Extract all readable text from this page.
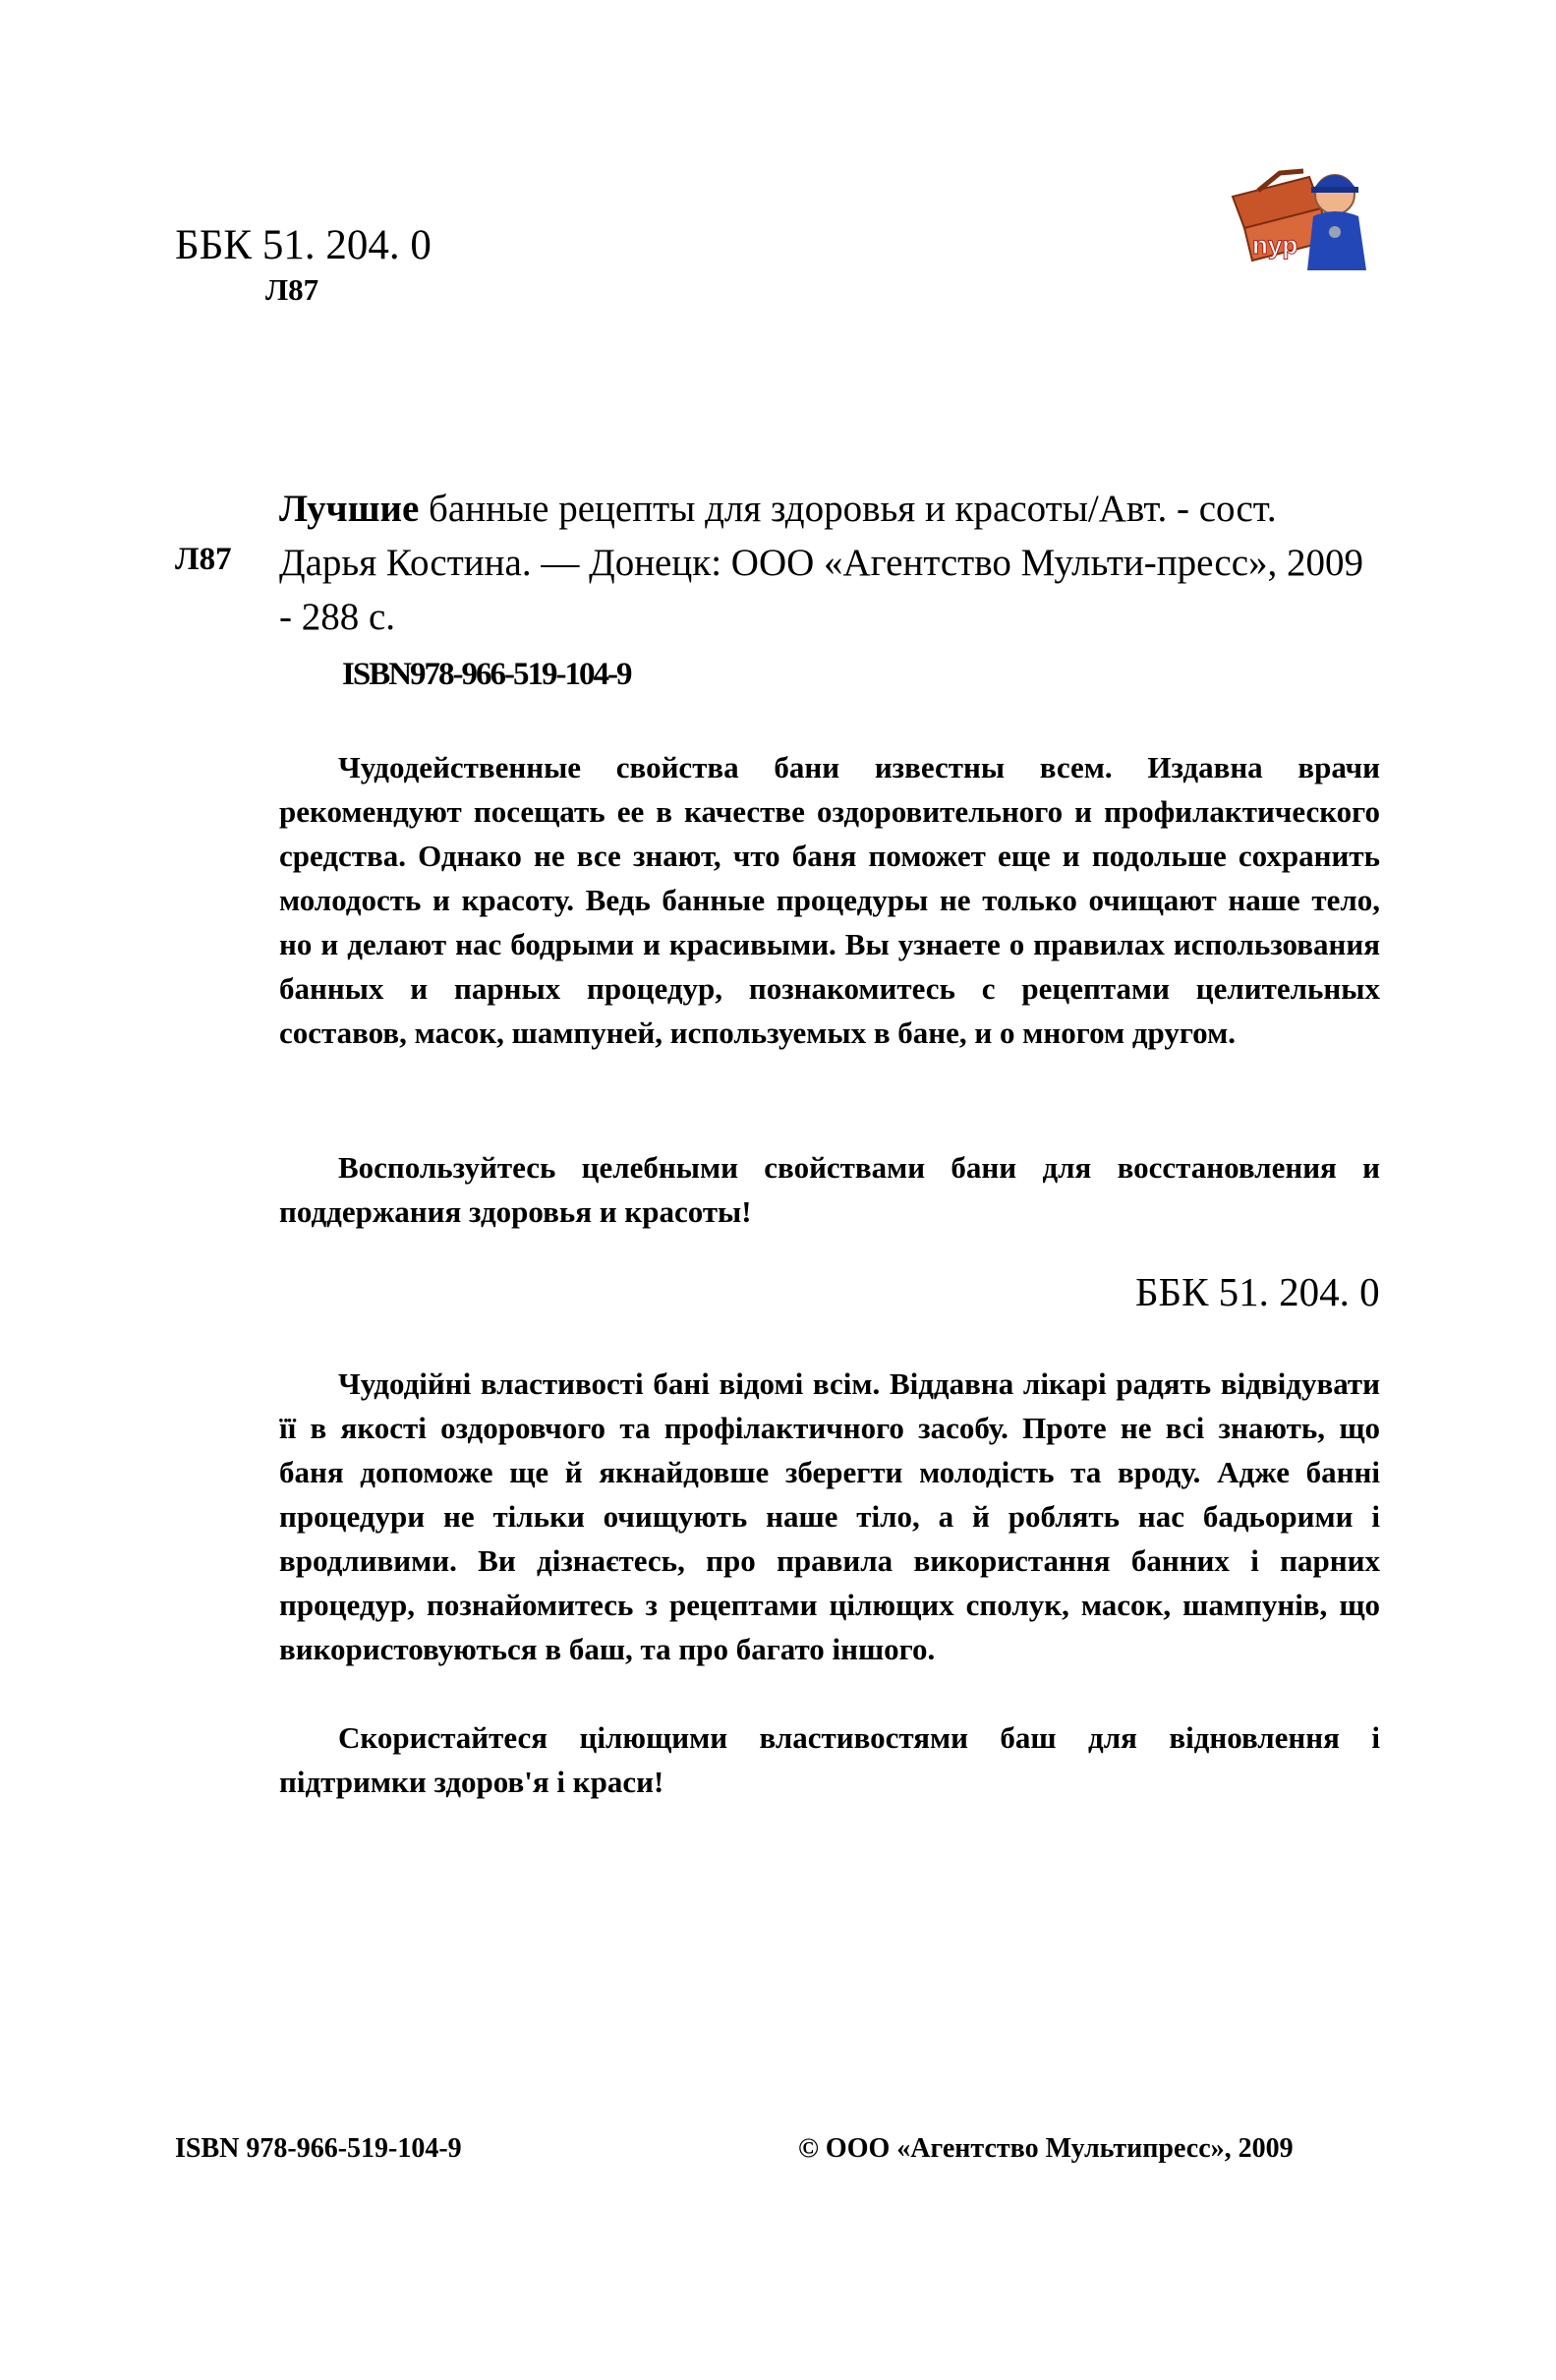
ББК 51. 204. 0
Л87
nyp
Л87
Лучшие банные рецепты для здоровья и красоты/Авт. - сост. Дарья Костина. — Донецк: ООО «Агентство Мульти-пресс», 2009 - 288 с.
ISBN978-966-519-104-9

Чудодейственные свойства бани известны всем. Издавна врачи рекомендуют посещать ее в качестве оздоровительного и профилактического средства. Однако не все знают, что баня поможет еще и подольше сохранить молодость и красоту. Ведь банные процедуры не только очищают наше тело, но и делают нас бодрыми и красивыми. Вы узнаете о правилах использования банных и парных процедур, познакомитесь с рецептами целительных составов, масок, шампуней, используемых в бане, и о многом другом.

Воспользуйтесь целебными свойствами бани для восстановления и поддержания здоровья и красоты!

ББК 51. 204. 0

Чудодійні властивості бані відомі всім. Віддавна лікарі радять відвідувати її в якості оздоровчого та профілактичного засобу. Проте не всі знають, що баня допоможе ще й якнайдовше зберегти молодість та вроду. Адже банні процедури не тільки очищують наше тіло, а й роблять нас бадьорими і вродливими. Ви дізнаєтесь, про правила використання банних і парних процедур, познайомитесь з рецептами цілющих сполук, масок, шампунів, що використовуються в баш, та про багато іншого.

Скористайтеся цілющими властивостями баш для відновлення і підтримки здоров'я і краси!

ISBN 978-966-519-104-9	© ООО «Агентство Мультипресс», 2009
